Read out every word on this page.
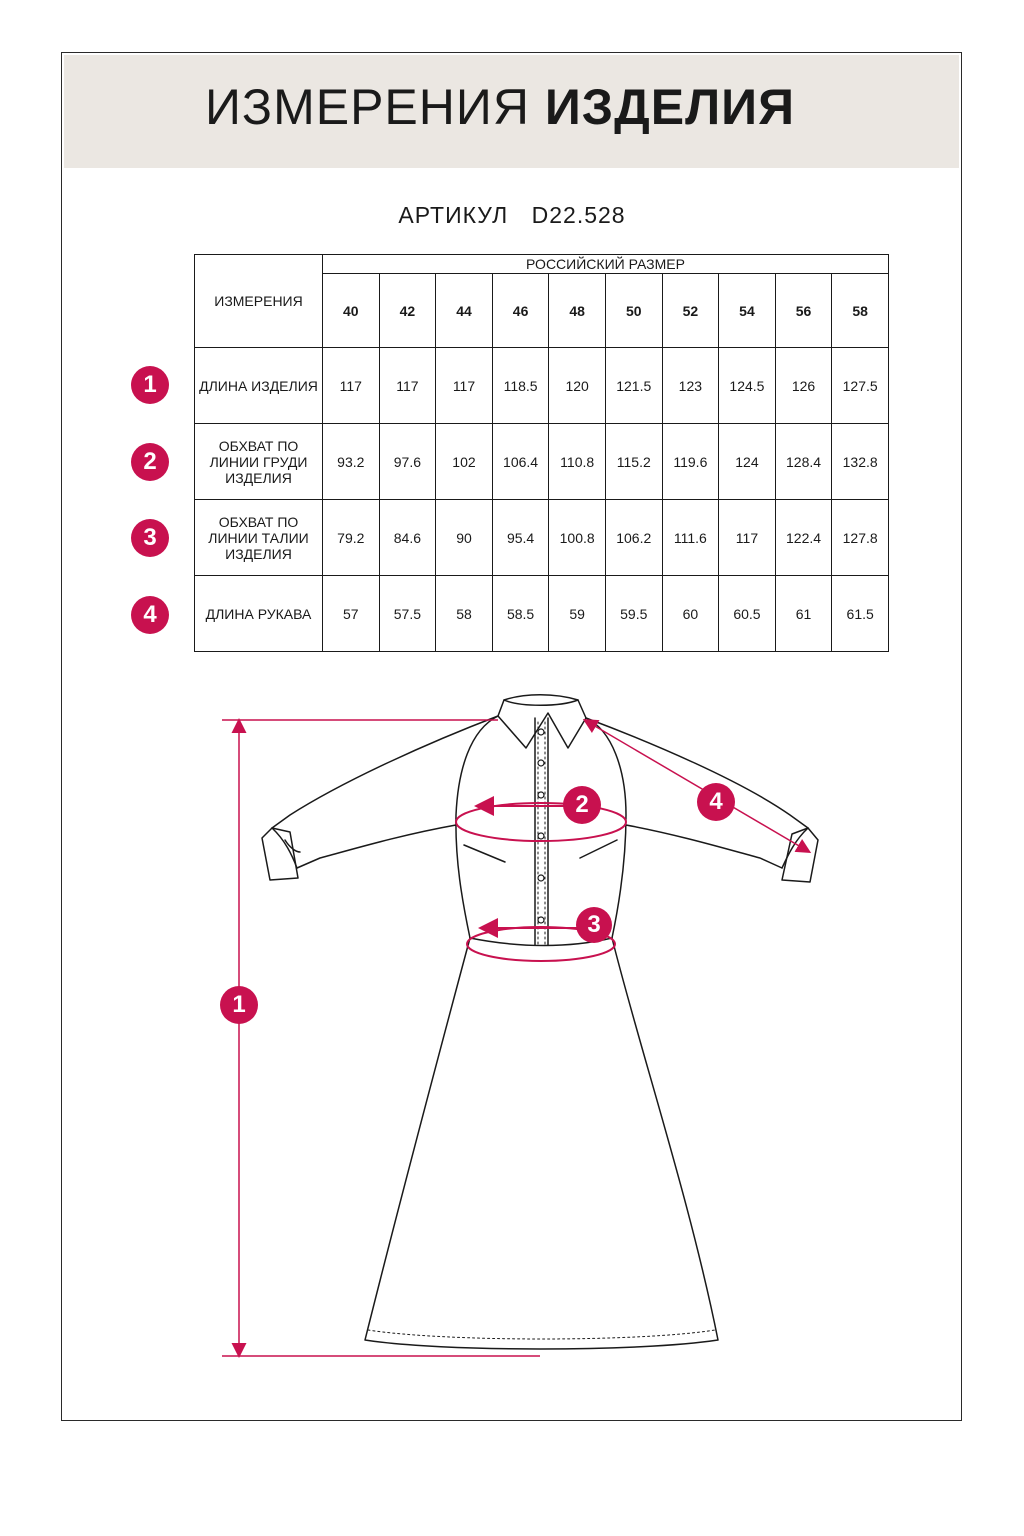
ИЗМЕРЕНИЯ ИЗДЕЛИЯ
АРТИКУЛ D22.528
ИЗМЕРЕНИЯ	РОССИЙСКИЙ РАЗМЕР									
	40	42	44	46	48	50	52	54	56	58
ДЛИНА ИЗДЕЛИЯ	117	117	117	118.5	120	121.5	123	124.5	126	127.5
ОБХВАТ ПО ЛИНИИ ГРУДИ ИЗДЕЛИЯ	93.2	97.6	102	106.4	110.8	115.2	119.6	124	128.4	132.8
ОБХВАТ ПО ЛИНИИ ТАЛИИ ИЗДЕЛИЯ	79.2	84.6	90	95.4	100.8	106.2	111.6	117	122.4	127.8
ДЛИНА РУКАВА	57	57.5	58	58.5	59	59.5	60	60.5	61	61.5
1
2
3
4
1
2
3
4
